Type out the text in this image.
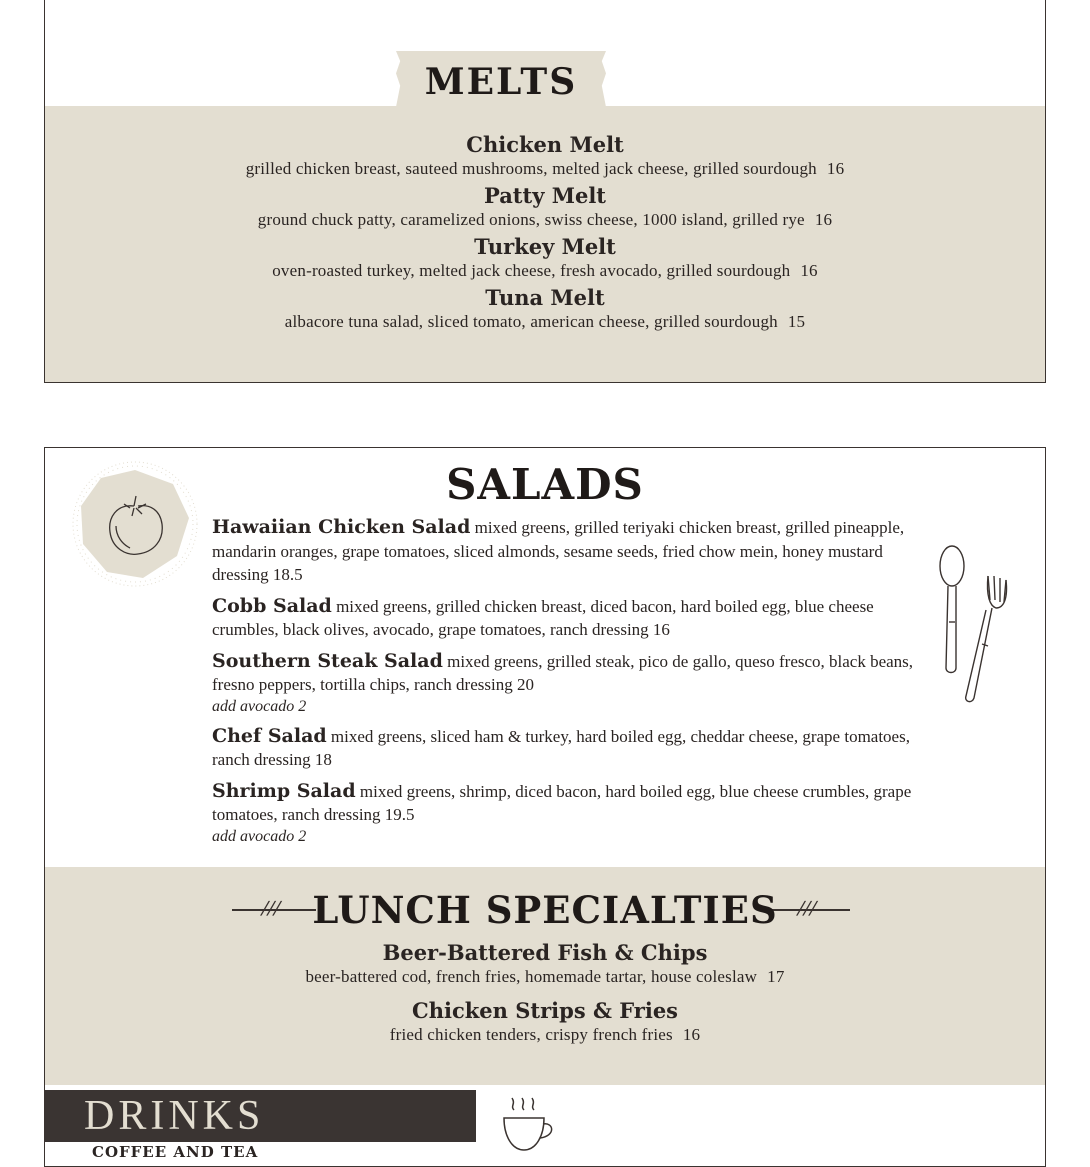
MELTS
Chicken Melt
grilled chicken breast, sauteed mushrooms, melted jack cheese, grilled sourdough 16
Patty Melt
ground chuck patty, caramelized onions, swiss cheese, 1000 island, grilled rye 16
Turkey Melt
oven-roasted turkey, melted jack cheese, fresh avocado, grilled sourdough 16
Tuna Melt
albacore tuna salad, sliced tomato, american cheese, grilled sourdough 15
SALADS
Hawaiian Chicken Salad mixed greens, grilled teriyaki chicken breast, grilled pineapple, mandarin oranges, grape tomatoes, sliced almonds, sesame seeds, fried chow mein, honey mustard dressing 18.5
Cobb Salad mixed greens, grilled chicken breast, diced bacon, hard boiled egg, blue cheese crumbles, black olives, avocado, grape tomatoes, ranch dressing 16
Southern Steak Salad mixed greens, grilled steak, pico de gallo, queso fresco, black beans, fresno peppers, tortilla chips, ranch dressing 20
add avocado 2
Chef Salad mixed greens, sliced ham & turkey, hard boiled egg, cheddar cheese, grape tomatoes, ranch dressing 18
Shrimp Salad mixed greens, shrimp, diced bacon, hard boiled egg, blue cheese crumbles, grape tomatoes, ranch dressing 19.5
add avocado 2
///	///
LUNCH SPECIALTIES
Beer-Battered Fish & Chips
beer-battered cod, french fries, homemade tartar, house coleslaw 17
Chicken Strips & Fries
fried chicken tenders, crispy french fries 16
DRINKS
COFFEE AND TEA
